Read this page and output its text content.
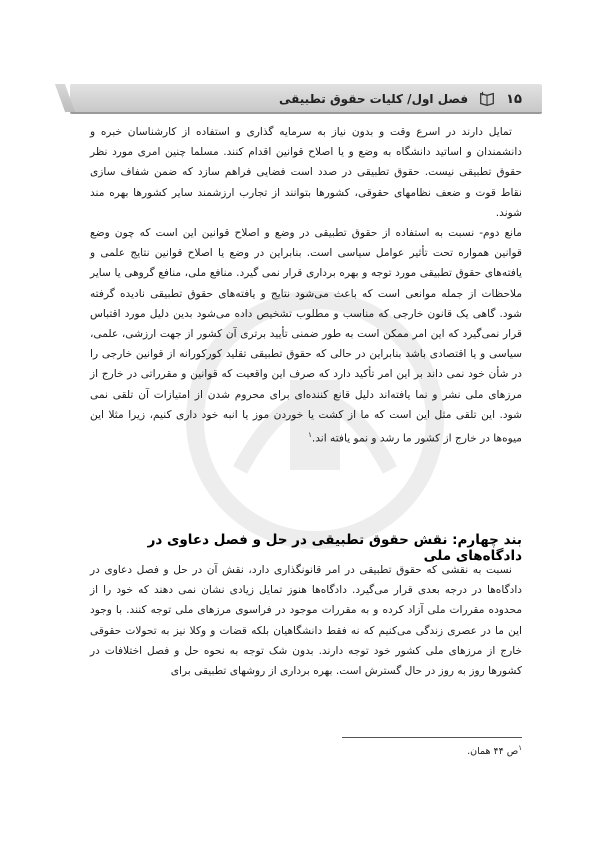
فصل اول/ کلیات حقوق تطبیقی	۱۵

تمایل دارند در اسرع وقت و بدون نیاز به سرمایه گذاری و استفاده از کارشناسان خبره و دانشمندان و اساتید دانشگاه به وضع و یا اصلاح قوانین اقدام کنند. مسلما چنین امری مورد نظر حقوق تطبیقی نیست. حقوق تطبیقی در صدد است فضایی فراهم سازد که ضمن شفاف سازی نقاط قوت و ضعف نظامهای حقوقی، کشورها بتوانند از تجارب ارزشمند سایر کشورها بهره مند شوند.

مانع دوم- نسبت به استفاده از حقوق تطبیقی در وضع و اصلاح قوانین این است که چون وضع قوانین همواره تحت تأثیر عوامل سیاسی است. بنابراین در وضع یا اصلاح قوانین نتایج علمی و یافته‌های حقوق تطبیقی مورد توجه و بهره برداری قرار نمی گیرد. منافع ملی، منافع گروهی یا سایر ملاحظات از جمله موانعی است که باعث می‌شود نتایج و یافته‌های حقوق تطبیقی نادیده گرفته شود. گاهی یک قانون خارجی که مناسب و مطلوب تشخیص داده می‌شود بدین دلیل مورد اقتباس قرار نمی‌گیرد که این امر ممکن است به طور ضمنی تأیید برتری آن کشور از جهت ارزشی، علمی، سیاسی و یا اقتصادی باشد بنابراین در حالی که حقوق تطبیقی تقلید کورکورانه از قوانین خارجی را در شأن خود نمی داند بر این امر تأکید دارد که صرف این واقعیت که قوانین و مقرراتی در خارج از مرزهای ملی نشر و نما یافته‌اند دلیل قانع کننده‌ای برای محروم شدن از امتیازات آن تلقی نمی شود. این تلقی مثل این است که ما از کشت یا خوردن موز یا انبه خود داری کنیم، زیرا مثلا این میوه‌ها در خارج از کشور ما رشد و نمو یافته اند.$^۱$

بند چهارم: نقش حقوق تطبیقی در حل و فصل دعاوی در دادگاه‌های ملی

نسبت به نقشی که حقوق تطبیقی در امر قانونگذاری دارد، نقش آن در حل و فصل دعاوی در دادگاه‌ها در درجه بعدی قرار می‌گیرد. دادگاه‌ها هنوز تمایل زیادی نشان نمی دهند که خود را از محدوده مقررات ملی آزاد کرده و به مقررات موجود در فراسوی مرزهای ملی توجه کنند. با وجود این ما در عصری زندگی می‌کنیم که نه فقط دانشگاهیان بلکه قضات و وکلا نیز به تحولات حقوقی خارج از مرزهای ملی کشور خود توجه دارند. بدون شک توجه به نحوه حل و فصل اختلافات در کشورها روز به روز در حال گسترش است. بهره برداری از روشهای تطبیقی برای

$^۱$ص ۴۴ همان.
